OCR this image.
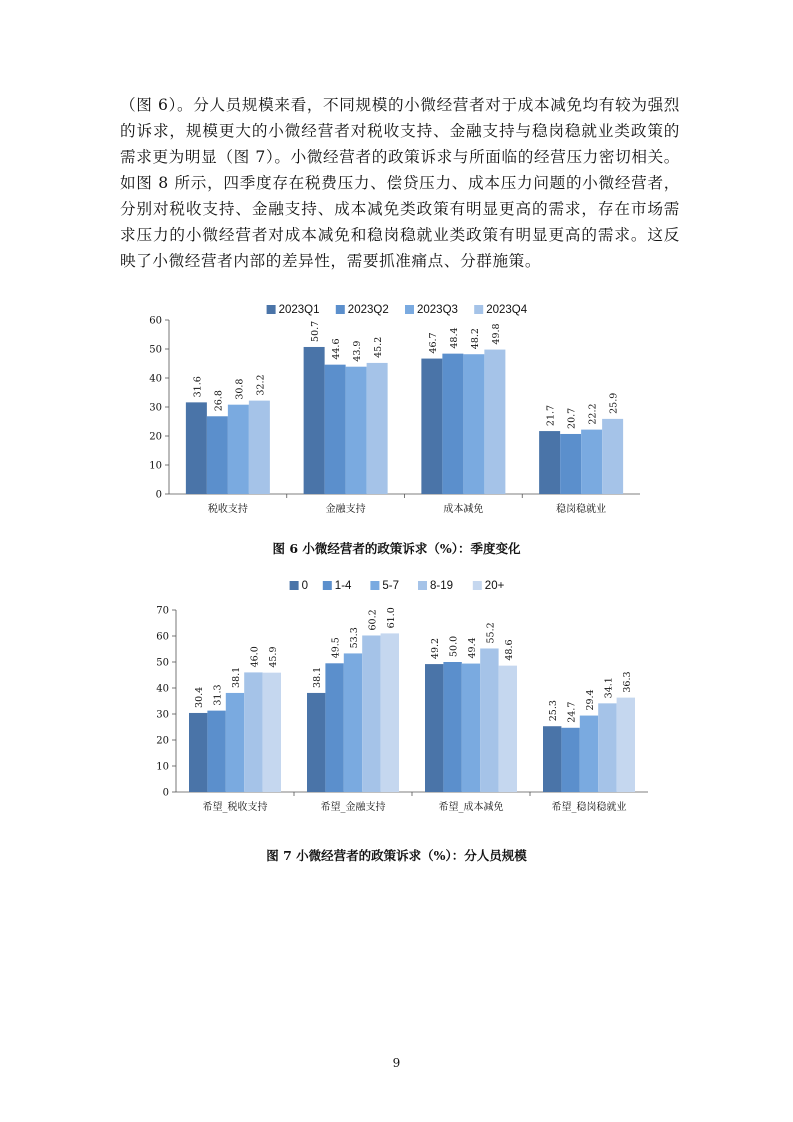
（图 6）。分人员规模来看，不同规模的小微经营者对于成本减免均有较为强烈的诉求，规模更大的小微经营者对税收支持、金融支持与稳岗稳就业类政策的需求更为明显（图 7）。小微经营者的政策诉求与所面临的经营压力密切相关。如图 8 所示，四季度存在税费压力、偿贷压力、成本压力问题的小微经营者，分别对税收支持、金融支持、成本减免类政策有明显更高的需求，存在市场需求压力的小微经营者对成本减免和稳岗稳就业类政策有明显更高的需求。这反映了小微经营者内部的差异性，需要抓准痛点、分群施策。

2023Q1 2023Q2 2023Q3 2023Q4
0
10
20
30
40
50
60
31.6
26.8
30.8 32.2
税收支持
50.7
44.6 43.9 45.2
金融支持
46.7 48.4 48.2 49.8
成本减免
21.7 20.7 22.2
25.9
稳岗稳就业

图 6 小微经营者的政策诉求（%）：季度变化

0 1-4	5-7	8-19	20+
0
10
20
30
40
50
60
70
30.4 31.3
38.1
46.0 45.9
希望_税收支持
38.1
49.5 53.3
60.2 61.0
希望_金融支持
49.2 50.0 49.4
55.2
48.6
希望_成本减免
25.3 24.7
29.4
34.1 36.3
希望_稳岗稳就业

图 7 小微经营者的政策诉求（%）：分人员规模

9
